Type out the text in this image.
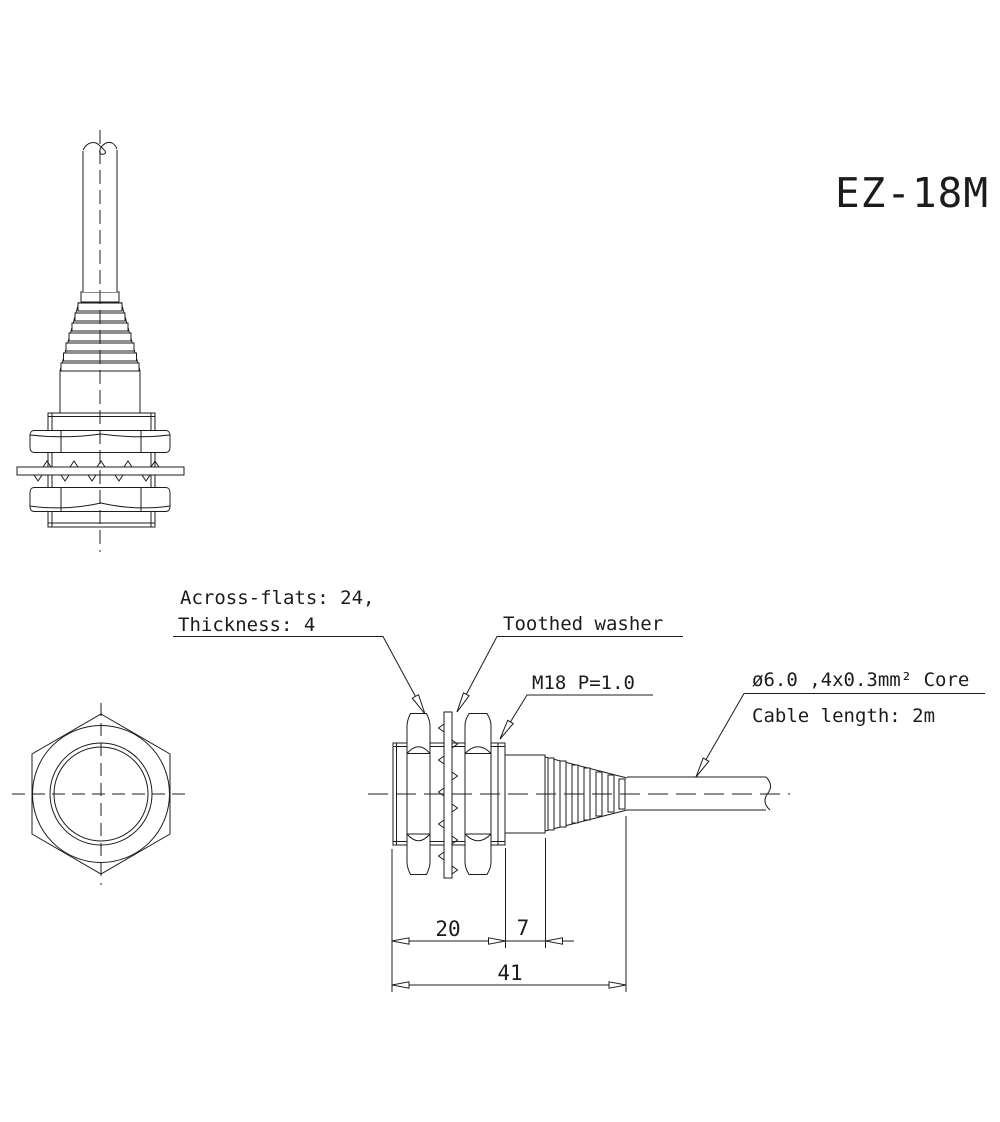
EZ-18M
Across-flats: 24,
Thickness: 4	Toothed washer
M18 P=1.0	ø6.0 ,4x0.3mm² Core
Cable length: 2m
20	7
41
